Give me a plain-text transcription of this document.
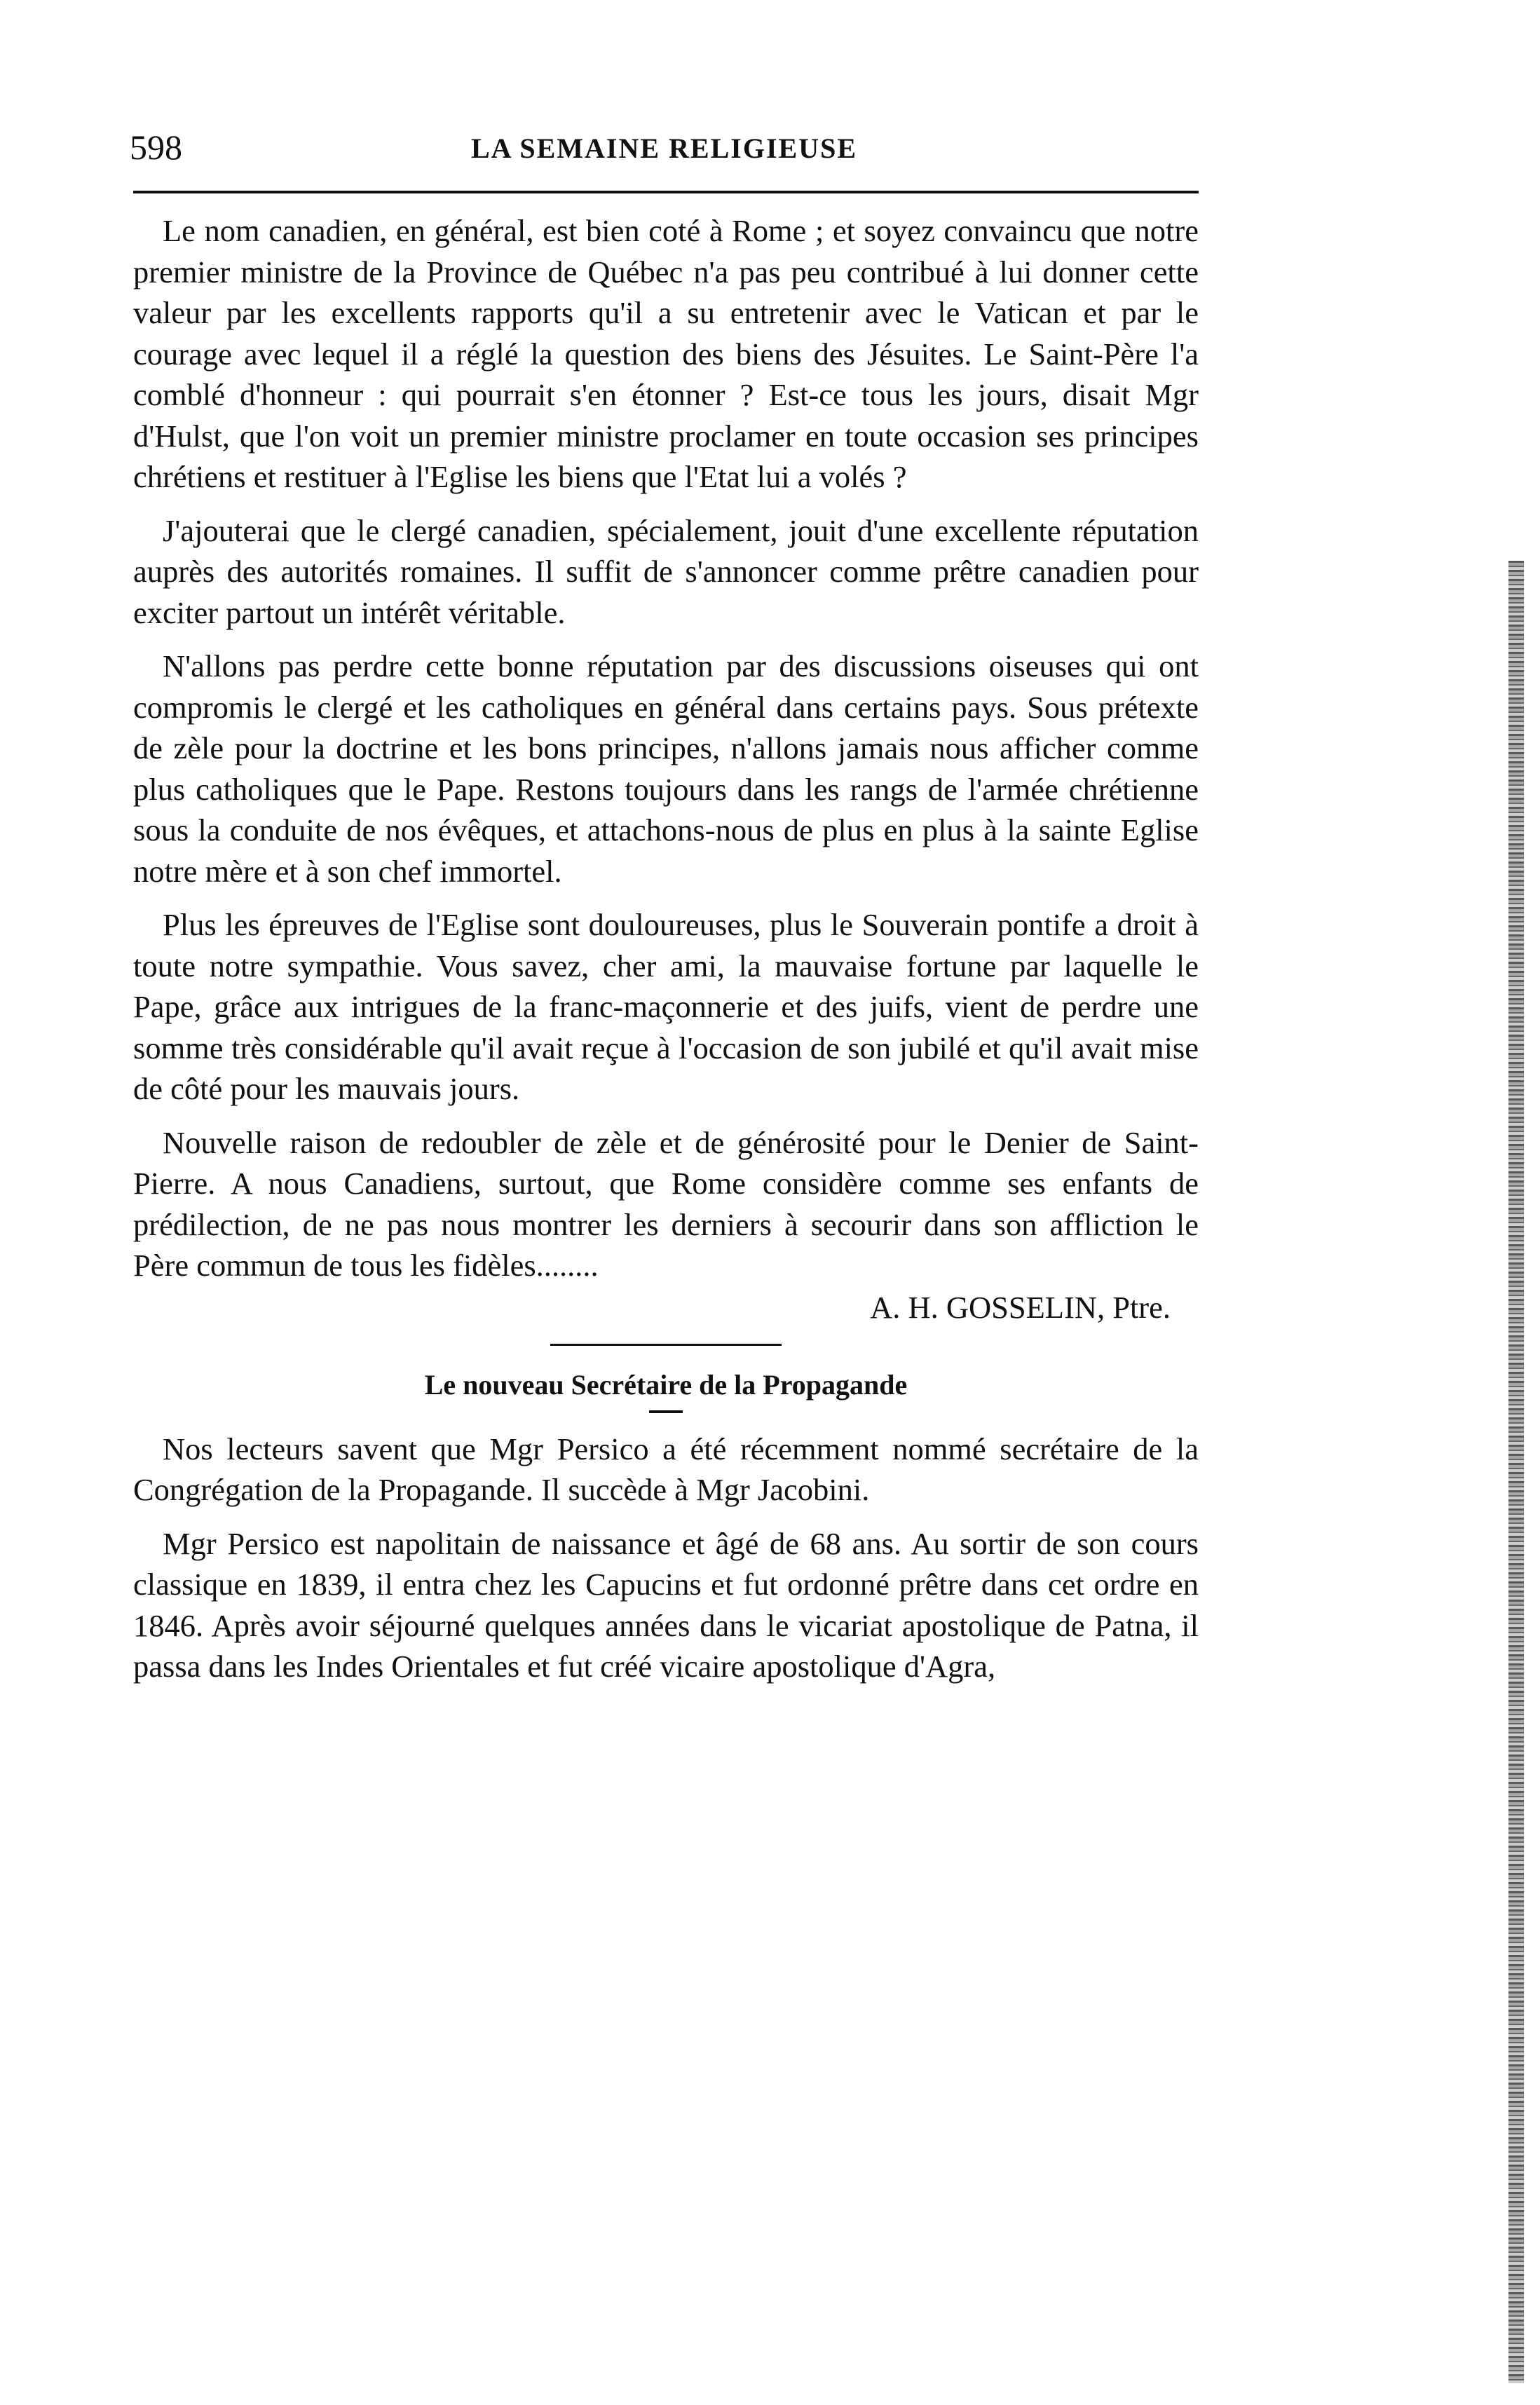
598	LA SEMAINE RELIGIEUSE

Le nom canadien, en général, est bien coté à Rome ; et soyez convaincu que notre premier ministre de la Province de Québec n'a pas peu contribué à lui donner cette valeur par les excellents rapports qu'il a su entretenir avec le Vatican et par le courage avec lequel il a réglé la question des biens des Jésuites. Le Saint-Père l'a comblé d'honneur : qui pourrait s'en étonner ? Est-ce tous les jours, disait Mgr d'Hulst, que l'on voit un premier ministre proclamer en toute occasion ses principes chrétiens et restituer à l'Eglise les biens que l'Etat lui a volés ?

J'ajouterai que le clergé canadien, spécialement, jouit d'une excellente réputation auprès des autorités romaines. Il suffit de s'annoncer comme prêtre canadien pour exciter partout un intérêt véritable.

N'allons pas perdre cette bonne réputation par des discussions oiseuses qui ont compromis le clergé et les catholiques en général dans certains pays. Sous prétexte de zèle pour la doctrine et les bons principes, n'allons jamais nous afficher comme plus catholiques que le Pape. Restons toujours dans les rangs de l'armée chrétienne sous la conduite de nos évêques, et attachons-nous de plus en plus à la sainte Eglise notre mère et à son chef immortel.

Plus les épreuves de l'Eglise sont douloureuses, plus le Souverain pontife a droit à toute notre sympathie. Vous savez, cher ami, la mauvaise fortune par laquelle le Pape, grâce aux intrigues de la franc-maçonnerie et des juifs, vient de perdre une somme très considérable qu'il avait reçue à l'occasion de son jubilé et qu'il avait mise de côté pour les mauvais jours.

Nouvelle raison de redoubler de zèle et de générosité pour le Denier de Saint-Pierre. A nous Canadiens, surtout, que Rome considère comme ses enfants de prédilection, de ne pas nous montrer les derniers à secourir dans son affliction le Père commun de tous les fidèles........

A. H. GOSSELIN, Ptre.
Le nouveau Secrétaire de la Propagande

Nos lecteurs savent que Mgr Persico a été récemment nommé secrétaire de la Congrégation de la Propagande. Il succède à Mgr Jacobini.

Mgr Persico est napolitain de naissance et âgé de 68 ans. Au sortir de son cours classique en 1839, il entra chez les Capucins et fut ordonné prêtre dans cet ordre en 1846. Après avoir séjourné quelques années dans le vicariat apostolique de Patna, il passa dans les Indes Orientales et fut créé vicaire apostolique d'Agra,
